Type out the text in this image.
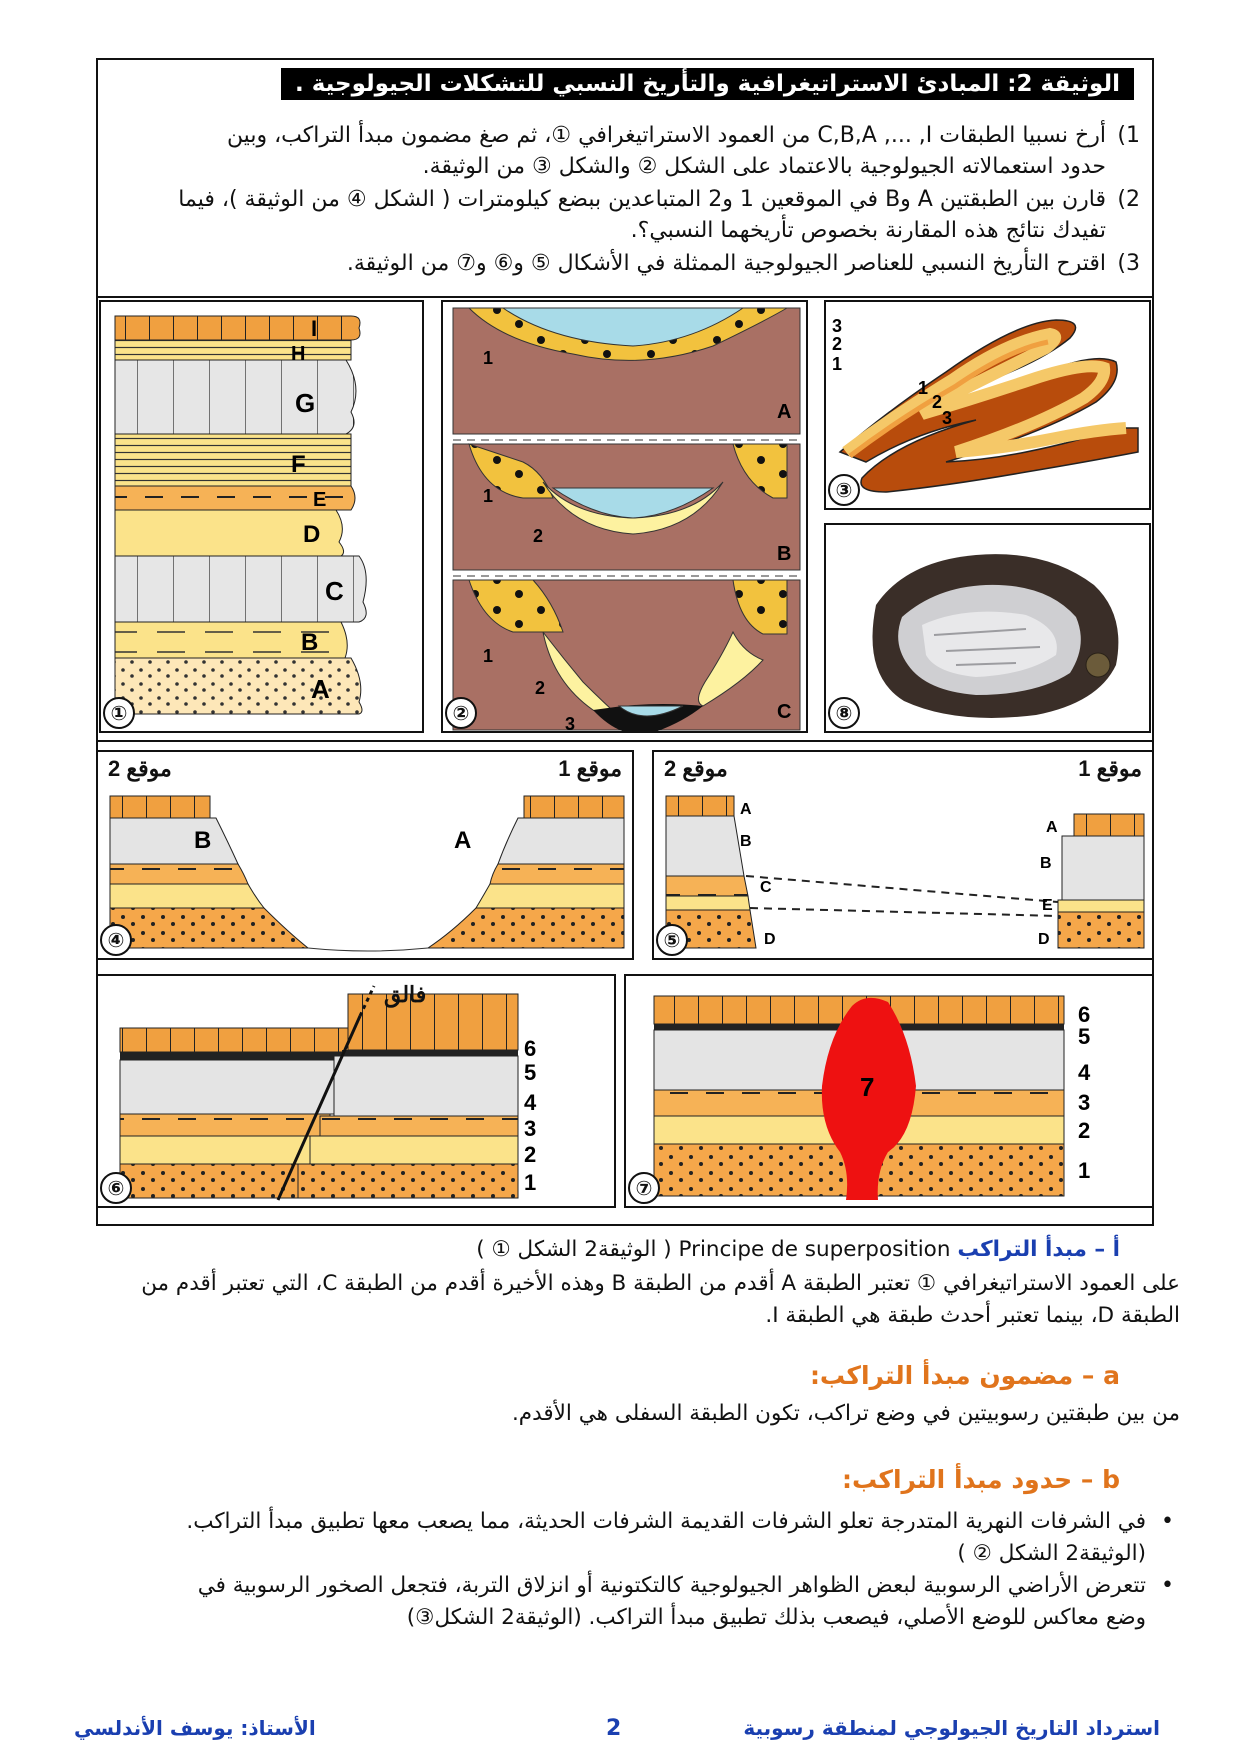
الوثيقة 2: المبادئ الاستراتيغرافية والتأريخ النسبي للتشكلات الجيولوجية .
1)أرخ نسبيا الطبقات C,B,A ,... ,I من العمود الاستراتيغرافي ①، ثم صغ مضمون مبدأ التراكب، وبين
حدود استعمالاته الجيولوجية بالاعتماد على الشكل ② والشكل ③ من الوثيقة.
2)قارن بين الطبقتين A وB في الموقعين 1 و2 المتباعدين ببضع كيلومترات ( الشكل ④ من الوثيقة )، فيما
تفيدك نتائج هذه المقارنة بخصوص تأريخهما النسبي؟.
3)اقترح التأريخ النسبي للعناصر الجيولوجية الممثلة في الأشكال ⑤ و⑥ و⑦ من الوثيقة.
I
H
G
F
E
D
C
B
A
①
1
A
1
2
B
1
2
3
C
②
3
2
1
1
2
3
③
⑧
B	A
موقع 2	موقع 1
④
A
B
C
D
A
B
E
D
موقع 2	موقع 1
⑤
6
5
4
3
2
1
فالق
⑥
7
6
5
4
3
2
1
⑦
أ – مبدأ التراكب Principe de superposition ( الوثيقة2 الشكل ① )
على العمود الاستراتيغرافي ① تعتبر الطبقة A أقدم من الطبقة B وهذه الأخيرة أقدم من الطبقة C، التي تعتبر أقدم من
الطبقة D، بينما تعتبر أحدث طبقة هي الطبقة I.
a – مضمون مبدأ التراكب:
من بين طبقتين رسوبيتين في وضع تراكب، تكون الطبقة السفلى هي الأقدم.
b – حدود مبدأ التراكب:
• في الشرفات النهرية المتدرجة تعلو الشرفات القديمة الشرفات الحديثة، مما يصعب معها تطبيق مبدأ التراكب.
(الوثيقة2 الشكل ② )
• تتعرض الأراضي الرسوبية لبعض الظواهر الجيولوجية كالتكتونية أو انزلاق التربة، فتجعل الصخور الرسوبية في
وضع معاكس للوضع الأصلي، فيصعب بذلك تطبيق مبدأ التراكب. (الوثيقة2 الشكل③)
استرداد التاريخ الجيولوجي لمنطقة رسوبية
2
الأستاذ: يوسف الأندلسي
